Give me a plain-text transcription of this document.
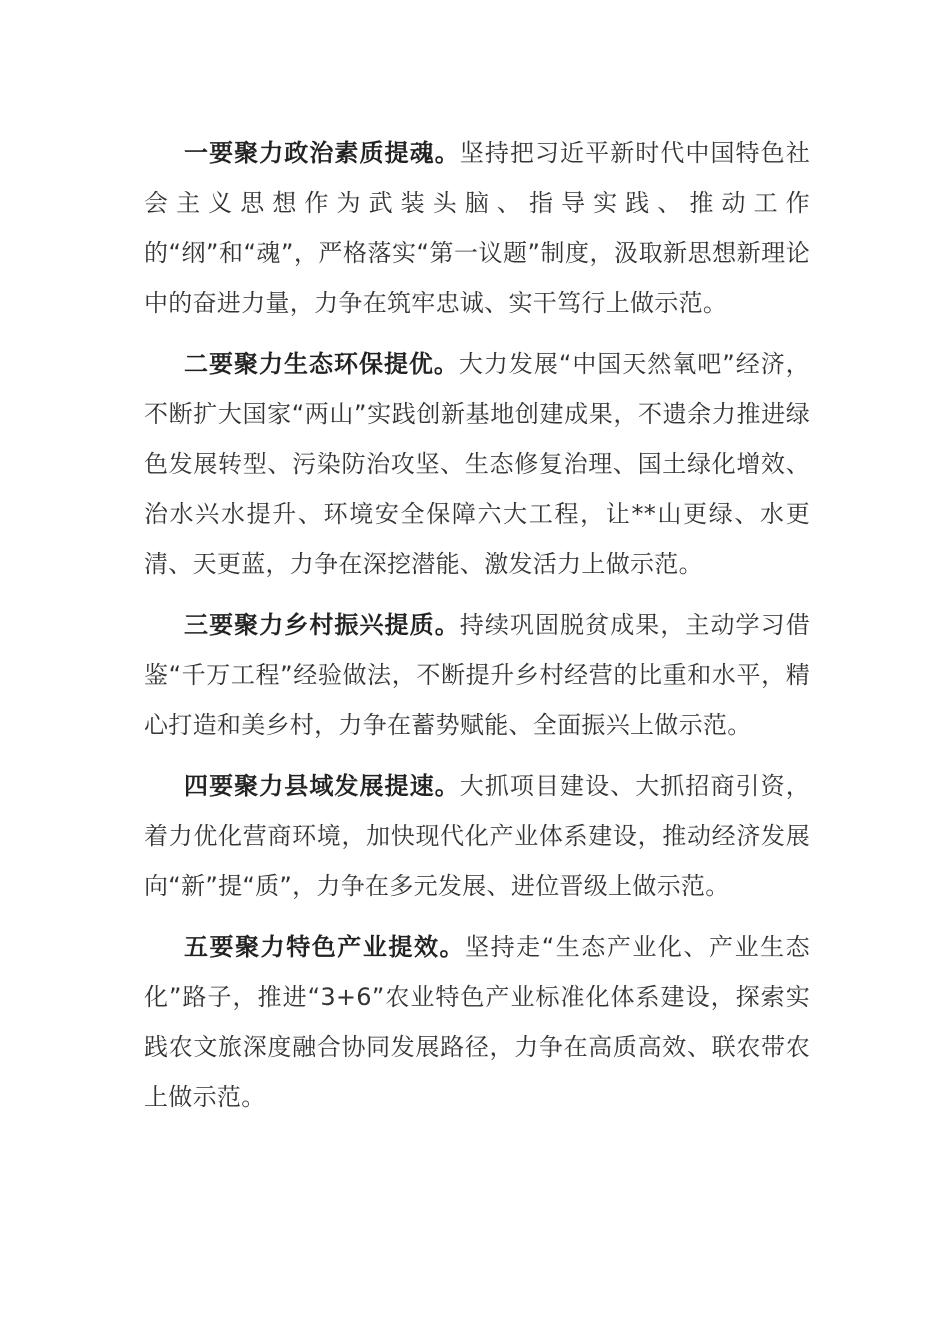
一要聚力政治素质提魂。坚持把习近平新时代中国特色社会主义思想作为武装头脑、指导实践、推动工作的“纲”和“魂”，严格落实“第一议题”制度，汲取新思想新理论中的奋进力量，力争在筑牢忠诚、实干笃行上做示范。

二要聚力生态环保提优。大力发展“中国天然氧吧”经济，不断扩大国家“两山”实践创新基地创建成果，不遗余力推进绿色发展转型、污染防治攻坚、生态修复治理、国土绿化增效、治水兴水提升、环境安全保障六大工程，让**山更绿、水更清、天更蓝，力争在深挖潜能、激发活力上做示范。

三要聚力乡村振兴提质。持续巩固脱贫成果，主动学习借鉴“千万工程”经验做法，不断提升乡村经营的比重和水平，精心打造和美乡村，力争在蓄势赋能、全面振兴上做示范。

四要聚力县域发展提速。大抓项目建设、大抓招商引资，着力优化营商环境，加快现代化产业体系建设，推动经济发展向“新”提“质”，力争在多元发展、进位晋级上做示范。

五要聚力特色产业提效。坚持走“生态产业化、产业生态化”路子，推进“3+6”农业特色产业标准化体系建设，探索实践农文旅深度融合协同发展路径，力争在高质高效、联农带农上做示范。
